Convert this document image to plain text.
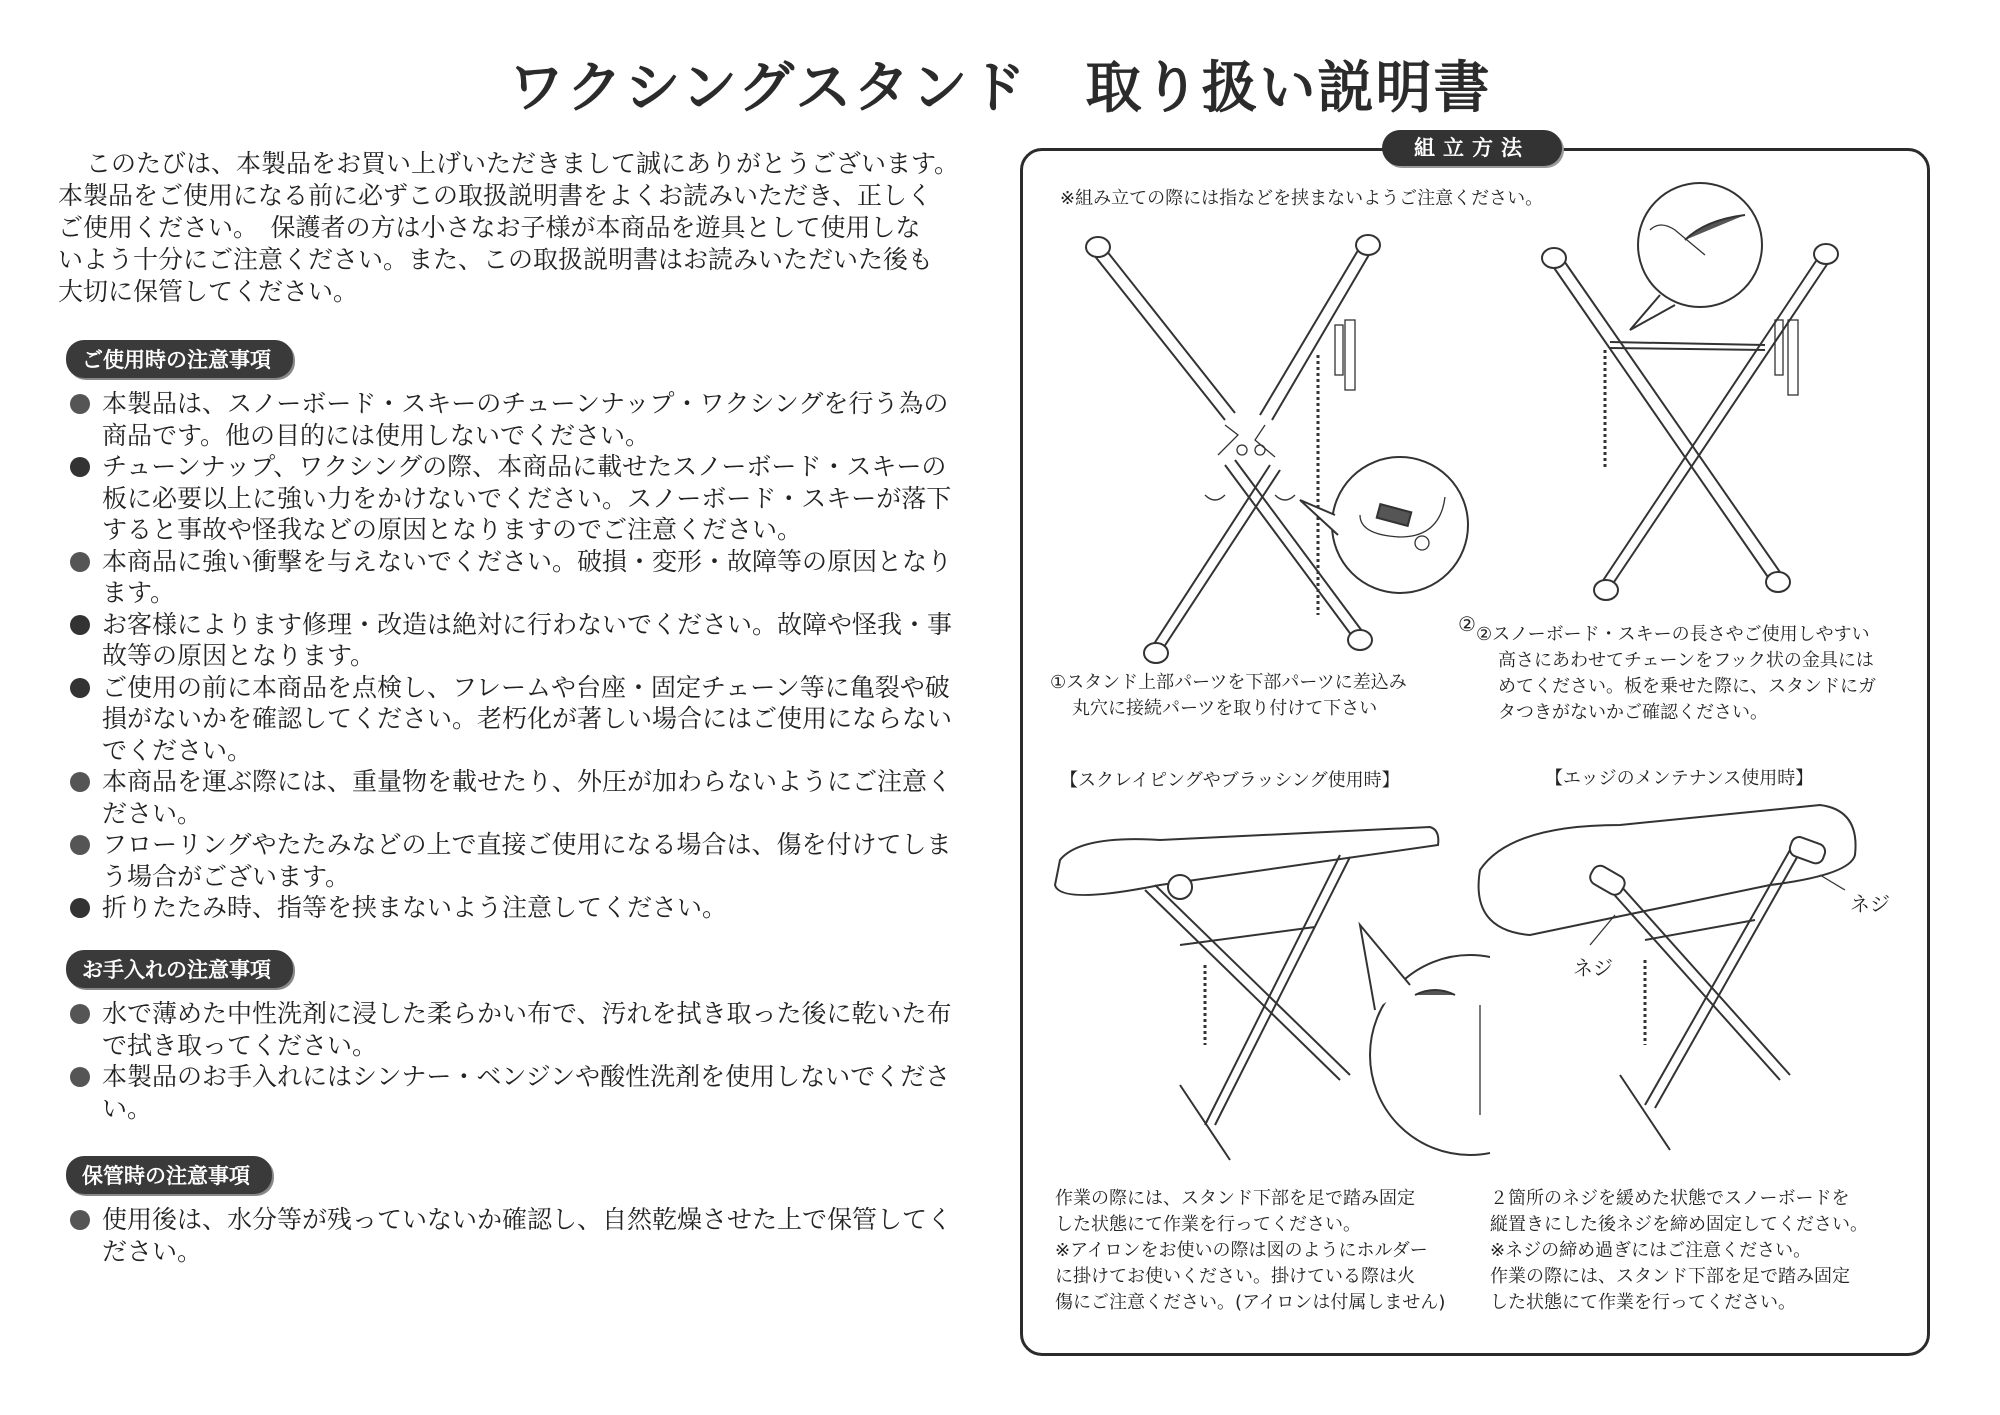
ワクシングスタンド　取り扱い説明書

このたびは、本製品をお買い上げいただきまして誠にありがとうございます。

本製品をご使用になる前に必ずこの取扱説明書をよくお読みいただき、正しく

ご使用ください。　保護者の方は小さなお子様が本商品を遊具として使用しな

いよう十分にご注意ください。また、この取扱説明書はお読みいただいた後も

大切に保管してください。

ご使用時の注意事項
本製品は、スノーボード・スキーのチューンナップ・ワクシングを行う為の
商品です。他の目的には使用しないでください。
チューンナップ、ワクシングの際、本商品に載せたスノーボード・スキーの
板に必要以上に強い力をかけないでください。スノーボード・スキーが落下
すると事故や怪我などの原因となりますのでご注意ください。
本商品に強い衝撃を与えないでください。破損・変形・故障等の原因となり
ます。
お客様によります修理・改造は絶対に行わないでください。故障や怪我・事
故等の原因となります。
ご使用の前に本商品を点検し、フレームや台座・固定チェーン等に亀裂や破
損がないかを確認してください。老朽化が著しい場合にはご使用にならない
でください。
本商品を運ぶ際には、重量物を載せたり、外圧が加わらないようにご注意く
ださい。
フローリングやたたみなどの上で直接ご使用になる場合は、傷を付けてしま
う場合がございます。
折りたたみ時、指等を挟まないよう注意してください。
お手入れの注意事項
水で薄めた中性洗剤に浸した柔らかい布で、汚れを拭き取った後に乾いた布
で拭き取ってください。
本製品のお手入れにはシンナー・ベンジンや酸性洗剤を使用しないでくださ
い。
保管時の注意事項
使用後は、水分等が残っていないか確認し、自然乾燥させた上で保管してく
ださい。
組立方法
※組み立ての際には指などを挟まないようご注意ください。
②
①スタンド上部パーツを下部パーツに差込み
丸穴に接続パーツを取り付けて下さい
②スノーボード・スキーの長さやご使用しやすい
高さにあわせてチェーンをフック状の金具には
めてください。板を乗せた際に、スタンドにガ
タつきがないかご確認ください。
【スクレイピングやブラッシング使用時】	【エッジのメンテナンス使用時】
ネジ
ネジ
作業の際には、スタンド下部を足で踏み固定
した状態にて作業を行ってください。
※アイロンをお使いの際は図のようにホルダー
に掛けてお使いください。掛けている際は火
傷にご注意ください。(アイロンは付属しません)
２箇所のネジを緩めた状態でスノーボードを
縦置きにした後ネジを締め固定してください。
※ネジの締め過ぎにはご注意ください。
作業の際には、スタンド下部を足で踏み固定
した状態にて作業を行ってください。
